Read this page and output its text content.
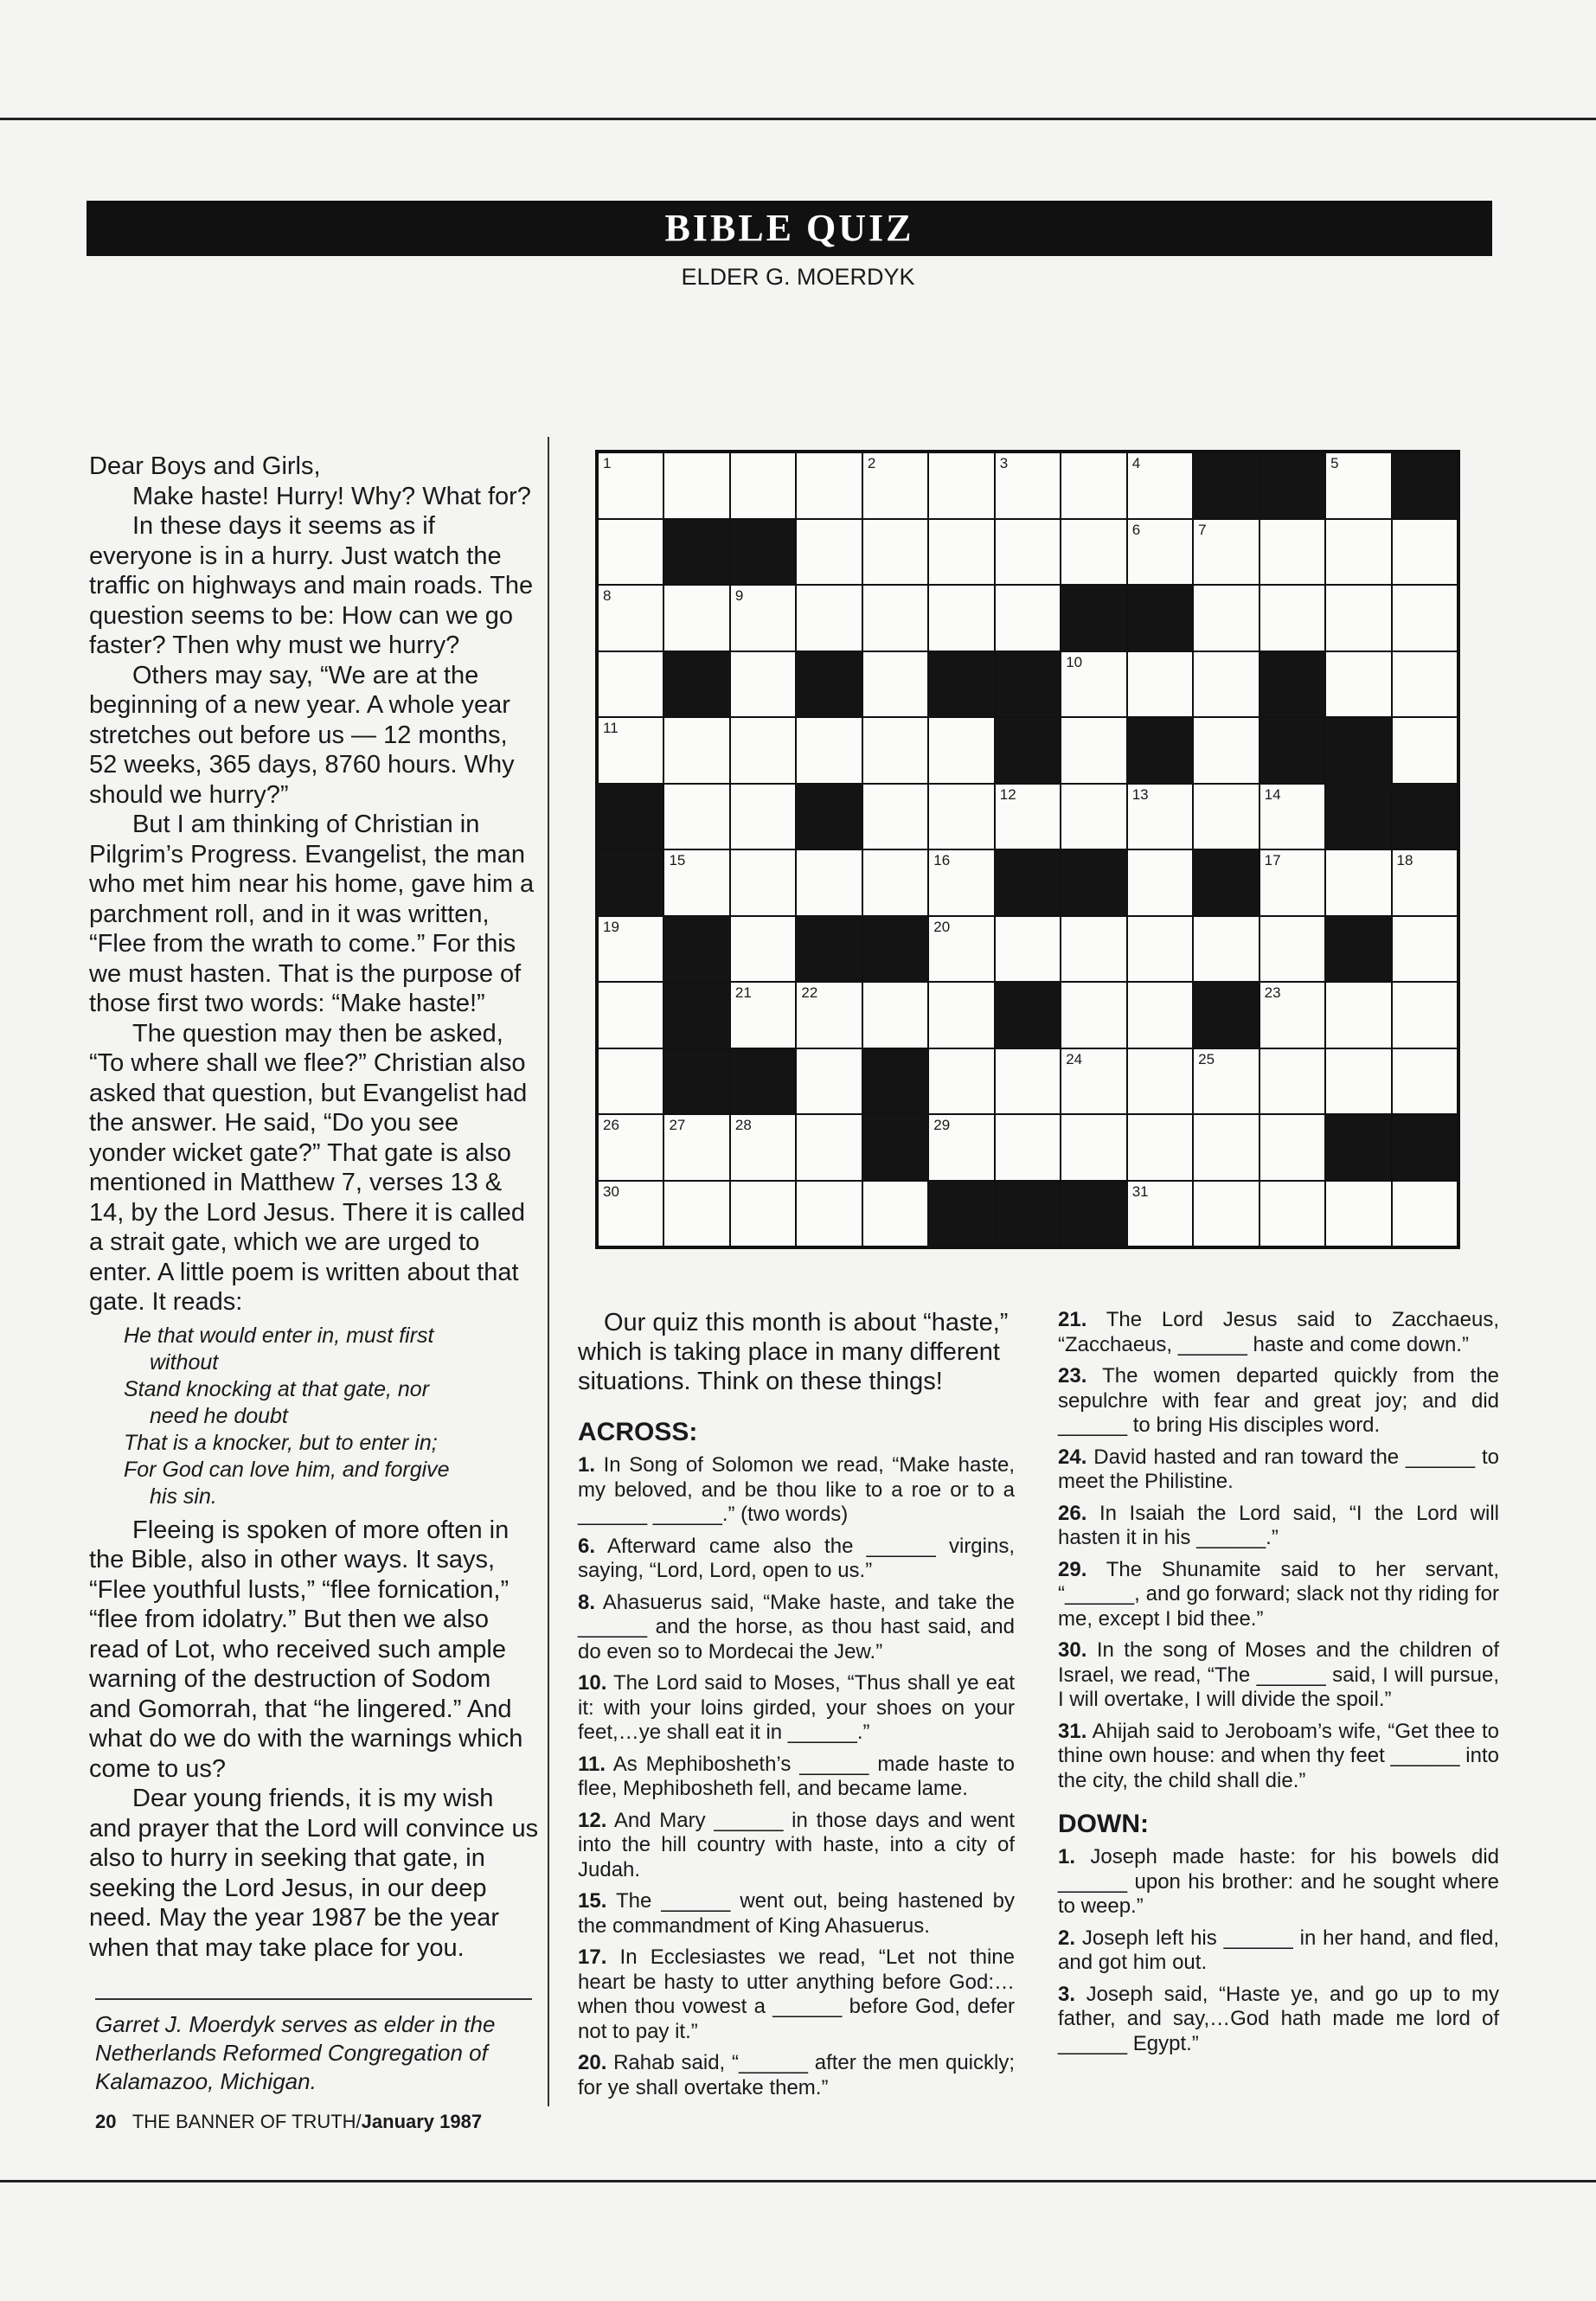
BIBLE QUIZ
ELDER G. MOERDYK

Dear Boys and Girls,

Make haste! Hurry! Why? What for?

In these days it seems as if everyone is in a hurry. Just watch the traffic on highways and main roads. The question seems to be: How can we go faster? Then why must we hurry?

Others may say, “We are at the beginning of a new year. A whole year stretches out before us — 12 months, 52 weeks, 365 days, 8760 hours. Why should we hurry?”

But I am thinking of Christian in Pilgrim’s Progress. Evangelist, the man who met him near his home, gave him a parchment roll, and in it was written, “Flee from the wrath to come.” For this we must hasten. That is the purpose of those first two words: “Make haste!”

The question may then be asked, “To where shall we flee?” Christian also asked that question, but Evangelist had the answer. He said, “Do you see yonder wicket gate?” That gate is also mentioned in Matthew 7, verses 13 & 14, by the Lord Jesus. There it is called a strait gate, which we are urged to enter. A little poem is written about that gate. It reads:

He that would enter in, must first
without
Stand knocking at that gate, nor
need he doubt
That is a knocker, but to enter in;
For God can love him, and forgive
his sin.

Fleeing is spoken of more often in the Bible, also in other ways. It says, “Flee youthful lusts,” “flee fornication,” “flee from idolatry.” But then we also read of Lot, who received such ample warning of the destruction of Sodom and Gomorrah, that “he lingered.” And what do we do with the warnings which come to us?

Dear young friends, it is my wish and prayer that the Lord will convince us also to hurry in seeking that gate, in seeking the Lord Jesus, in our deep need. May the year 1987 be the year when that may take place for you.

Garret J. Moerdyk serves as elder in the Netherlands Reformed Congregation of Kalamazoo, Michigan.
20 THE BANNER OF TRUTH/January 1987
1	2	3	4	5
6	7
8	9
10
11
12	13	14
15	16	17	18
19	20
21	22	23
24	25
26	27	28	29
30	31

Our quiz this month is about “haste,” which is taking place in many different situations. Think on these things!

ACROSS:

1. In Song of Solomon we read, “Make haste, my beloved, and be thou like to a roe or to a ______ ______.” (two words)

6. Afterward came also the ______ virgins, saying, “Lord, Lord, open to us.”

8. Ahasuerus said, “Make haste, and take the ______ and the horse, as thou hast said, and do even so to Mordecai the Jew.”

10. The Lord said to Moses, “Thus shall ye eat it: with your loins girded, your shoes on your feet,…ye shall eat it in ______.”

11. As Mephibosheth’s ______ made haste to flee, Mephibosheth fell, and became lame.

12. And Mary ______ in those days and went into the hill country with haste, into a city of Judah.

15. The ______ went out, being hastened by the commandment of King Ahasuerus.

17. In Ecclesiastes we read, “Let not thine heart be hasty to utter anything before God:… when thou vowest a ______ before God, defer not to pay it.”

20. Rahab said, “______ after the men quickly; for ye shall overtake them.”

21. The Lord Jesus said to Zacchaeus, “Zacchaeus, ______ haste and come down.”

23. The women departed quickly from the sepulchre with fear and great joy; and did ______ to bring His disciples word.

24. David hasted and ran toward the ______ to meet the Philistine.

26. In Isaiah the Lord said, “I the Lord will hasten it in his ______.”

29. The Shunamite said to her servant, “______, and go forward; slack not thy riding for me, except I bid thee.”

30. In the song of Moses and the children of Israel, we read, “The ______ said, I will pursue, I will overtake, I will divide the spoil.”

31. Ahijah said to Jeroboam’s wife, “Get thee to thine own house: and when thy feet ______ into the city, the child shall die.”

DOWN:

1. Joseph made haste: for his bowels did ______ upon his brother: and he sought where to weep.”

2. Joseph left his ______ in her hand, and fled, and got him out.

3. Joseph said, “Haste ye, and go up to my father, and say,…God hath made me lord of ______ Egypt.”
